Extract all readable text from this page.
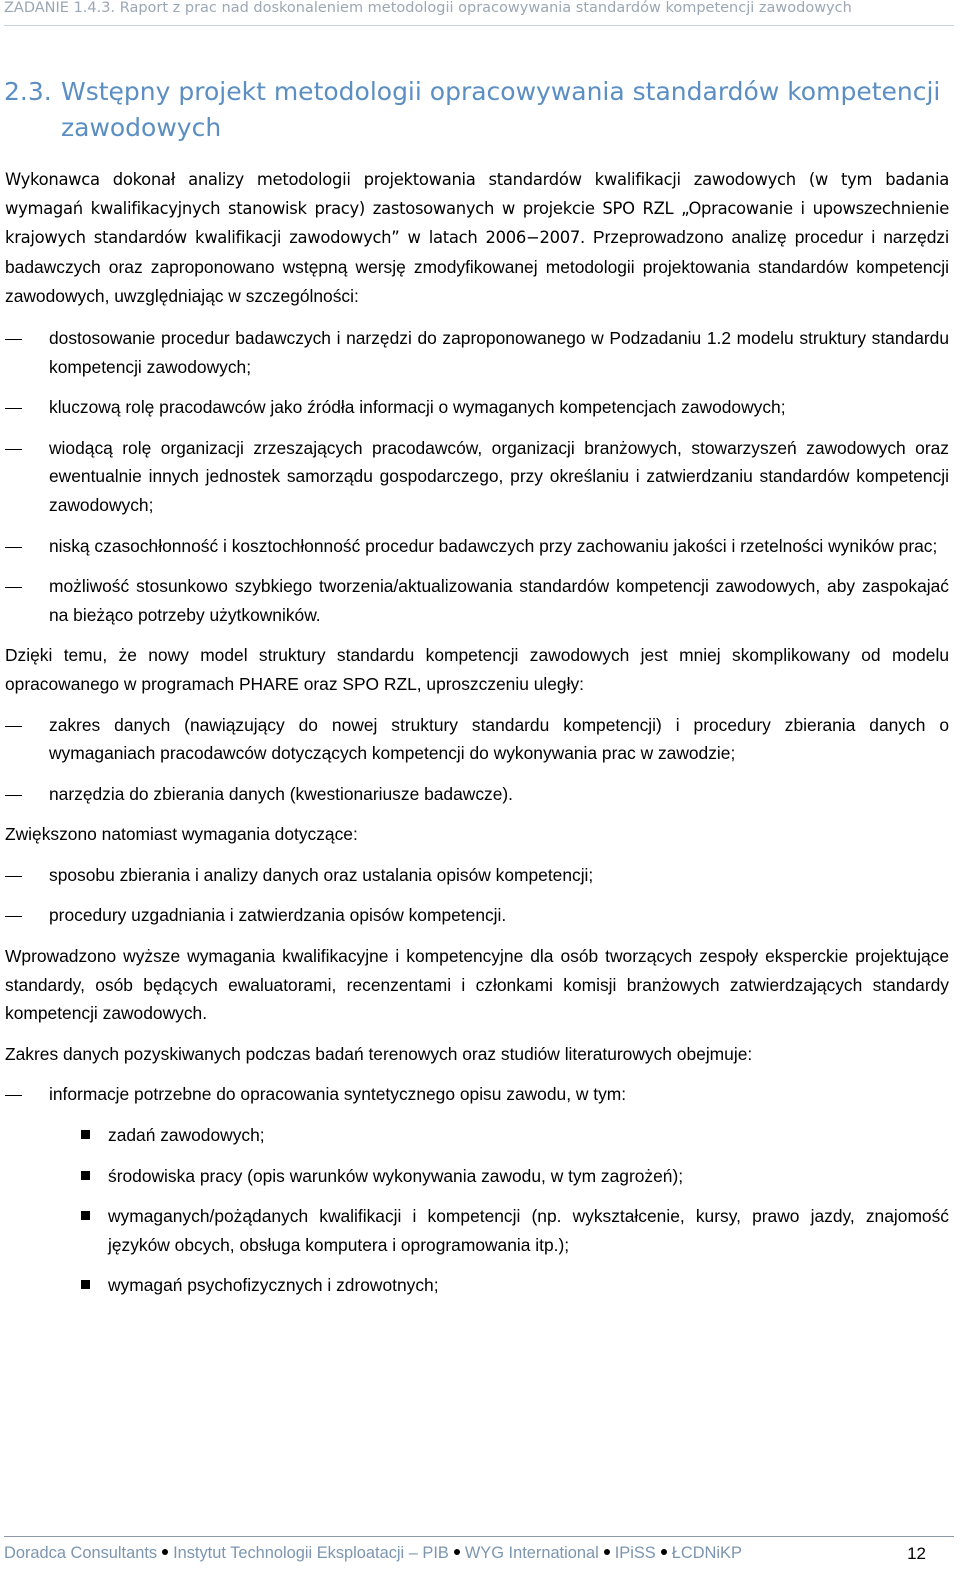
ZADANIE 1.4.3. Raport z prac nad doskonaleniem metodologii opracowywania standardów kompetencji zawodowych
2.3. Wstępny projekt metodologii opracowywania standardów kompetencji
zawodowych
Wykonawca dokonał analizy metodologii projektowania standardów kwalifikacji zawodowych (w tym badania wymagań kwalifikacyjnych stanowisk pracy) zastosowanych w projekcie SPO RZL „Opracowanie i upowszechnienie krajowych standardów kwalifikacji zawodowych” w latach 2006−2007. Przeprowadzono analizę procedur i narzędzi badawczych oraz zaproponowano wstępną wersję zmodyfikowanej metodologii projektowania standardów kompetencji zawodowych, uwzględniając w szczególności:
dostosowanie procedur badawczych i narzędzi do zaproponowanego w Podzadaniu 1.2 modelu struktury standardu kompetencji zawodowych;
kluczową rolę pracodawców jako źródła informacji o wymaganych kompetencjach zawodowych;
wiodącą rolę organizacji zrzeszających pracodawców, organizacji branżowych, stowarzyszeń zawodowych oraz ewentualnie innych jednostek samorządu gospodarczego, przy określaniu i zatwierdzaniu standardów kompetencji zawodowych;
niską czasochłonność i kosztochłonność procedur badawczych przy zachowaniu jakości i rzetelności wyników prac;
możliwość stosunkowo szybkiego tworzenia/aktualizowania standardów kompetencji zawodowych, aby zaspokajać na bieżąco potrzeby użytkowników.
Dzięki temu, że nowy model struktury standardu kompetencji zawodowych jest mniej skomplikowany od modelu opracowanego w programach PHARE oraz SPO RZL, uproszczeniu uległy:
zakres danych (nawiązujący do nowej struktury standardu kompetencji) i procedury zbierania danych o wymaganiach pracodawców dotyczących kompetencji do wykonywania prac w zawodzie;
narzędzia do zbierania danych (kwestionariusze badawcze).
Zwiększono natomiast wymagania dotyczące:
sposobu zbierania i analizy danych oraz ustalania opisów kompetencji;
procedury uzgadniania i zatwierdzania opisów kompetencji.
Wprowadzono wyższe wymagania kwalifikacyjne i kompetencyjne dla osób tworzących zespoły eksperckie projektujące standardy, osób będących ewaluatorami, recenzentami i członkami komisji branżowych zatwierdzających standardy kompetencji zawodowych.
Zakres danych pozyskiwanych podczas badań terenowych oraz studiów literaturowych obejmuje:
informacje potrzebne do opracowania syntetycznego opisu zawodu, w tym:
zadań zawodowych;
środowiska pracy (opis warunków wykonywania zawodu, w tym zagrożeń);
wymaganych/pożądanych kwalifikacji i kompetencji (np. wykształcenie, kursy, prawo jazdy, znajomość języków obcych, obsługa komputera i oprogramowania itp.);
wymagań psychofizycznych i zdrowotnych;
Doradca Consultants Instytut Technologii Eksploatacji – PIB WYG International IPiSS ŁCDNiKP	12
